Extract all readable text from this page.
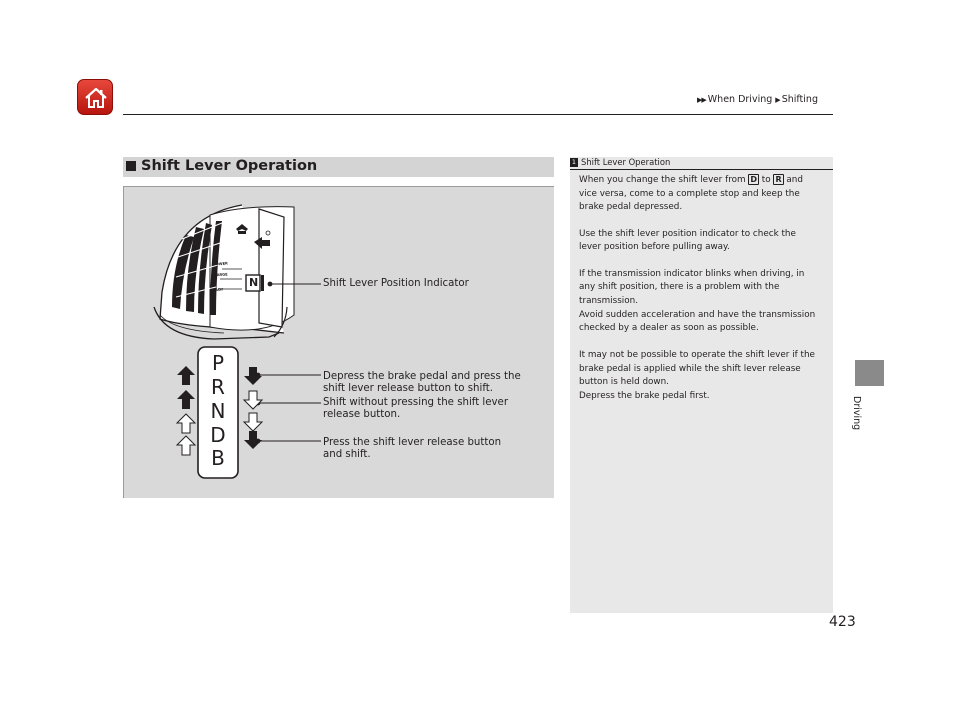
▶▶ When Driving ▶ Shifting
Driving
Shift Lever Operation
POWER
CHARGE
READY
N
P
R
N
D
B
Shift Lever Position Indicator
Depress the brake pedal and press the
shift lever release button to shift.
Shift without pressing the shift lever
release button.
Press the shift lever release button
and shift.
1 Shift Lever Operation
When you change the shift lever from D to R and
vice versa, come to a complete stop and keep the
brake pedal depressed.
Use the shift lever position indicator to check the
lever position before pulling away.
If the transmission indicator blinks when driving, in
any shift position, there is a problem with the
transmission.
Avoid sudden acceleration and have the transmission
checked by a dealer as soon as possible.
It may not be possible to operate the shift lever if the
brake pedal is applied while the shift lever release
button is held down.
Depress the brake pedal first.
423
